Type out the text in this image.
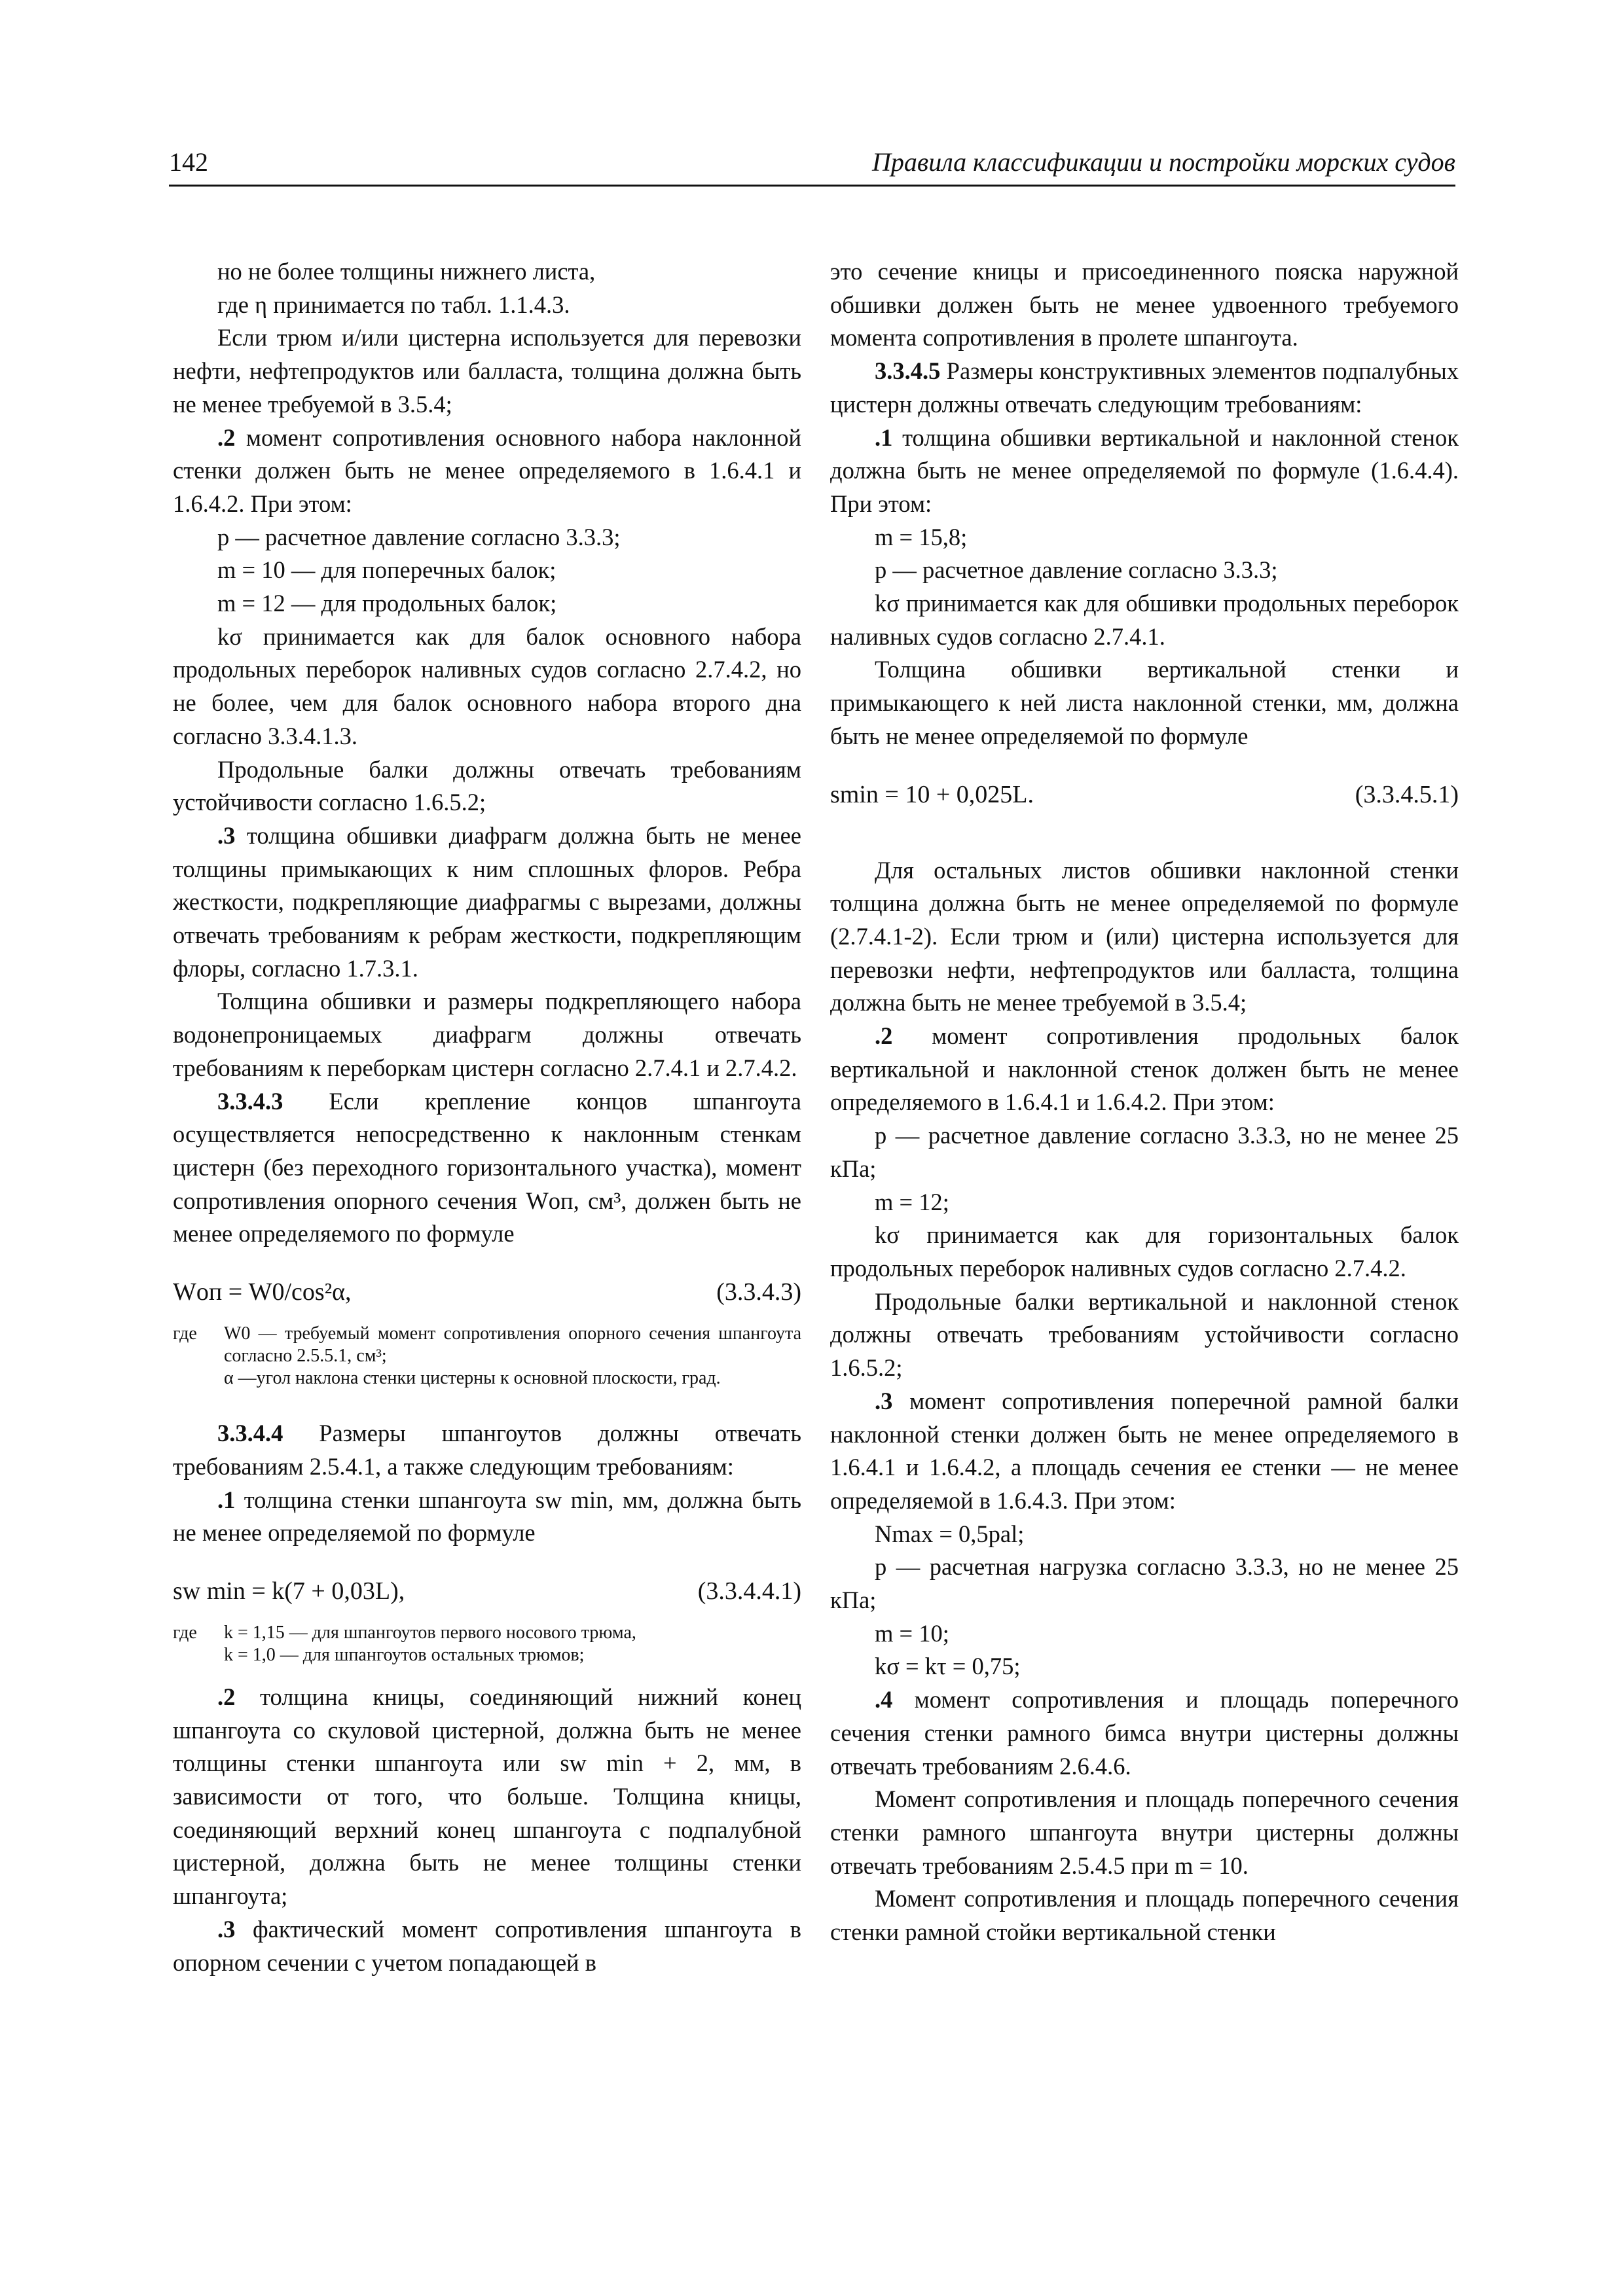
142	Правила классификации и постройки морских судов

но не более толщины нижнего листа,

где η принимается по табл. 1.1.4.3.

Если трюм и/или цистерна используется для перевозки нефти, нефтепродуктов или балласта, толщина должна быть не менее требуемой в 3.5.4;

.2 момент сопротивления основного набора наклонной стенки должен быть не менее определяемого в 1.6.4.1 и 1.6.4.2. При этом:

p — расчетное давление согласно 3.3.3;

m = 10 — для поперечных балок;

m = 12 — для продольных балок;

kσ принимается как для балок основного набора продольных переборок наливных судов согласно 2.7.4.2, но не более, чем для балок основного набора второго дна согласно 3.3.4.1.3.

Продольные балки должны отвечать требованиям устойчивости согласно 1.6.5.2;

.3 толщина обшивки диафрагм должна быть не менее толщины примыкающих к ним сплошных флоров. Ребра жесткости, подкрепляющие диафрагмы с вырезами, должны отвечать требованиям к ребрам жесткости, подкрепляющим флоры, согласно 1.7.3.1.

Толщина обшивки и размеры подкрепляющего набора водонепроницаемых диафрагм должны отвечать требованиям к переборкам цистерн согласно 2.7.4.1 и 2.7.4.2.

3.3.4.3 Если крепление концов шпангоута осуществляется непосредственно к наклонным стенкам цистерн (без переходного горизонтального участка), момент сопротивления опорного сечения Wоп, см³, должен быть не менее определяемого по формуле

Wоп = W0/cos²α,	(3.3.4.3)
где W0 — требуемый момент сопротивления опорного сечения шпангоута согласно 2.5.5.1, см³;
α —угол наклона стенки цистерны к основной плоскости, град.

3.3.4.4 Размеры шпангоутов должны отвечать требованиям 2.5.4.1, а также следующим требованиям:

.1 толщина стенки шпангоута sw min, мм, должна быть не менее определяемой по формуле

sw min = k(7 + 0,03L),	(3.3.4.4.1)
где k = 1,15 — для шпангоутов первого носового трюма,
k = 1,0 — для шпангоутов остальных трюмов;

.2 толщина кницы, соединяющий нижний конец шпангоута со скуловой цистерной, должна быть не менее толщины стенки шпангоута или sw min + 2, мм, в зависимости от того, что больше. Толщина кницы, соединяющий верхний конец шпангоута с подпалубной цистерной, должна быть не менее толщины стенки шпангоута;

.3 фактический момент сопротивления шпангоута в опорном сечении с учетом попадающей в

это сечение кницы и присоединенного пояска наружной обшивки должен быть не менее удвоенного требуемого момента сопротивления в пролете шпангоута.

3.3.4.5 Размеры конструктивных элементов подпалубных цистерн должны отвечать следующим требованиям:

.1 толщина обшивки вертикальной и наклонной стенок должна быть не менее определяемой по формуле (1.6.4.4). При этом:

m = 15,8;

p — расчетное давление согласно 3.3.3;

kσ принимается как для обшивки продольных переборок наливных судов согласно 2.7.4.1.

Толщина обшивки вертикальной стенки и примыкающего к ней листа наклонной стенки, мм, должна быть не менее определяемой по формуле

smin = 10 + 0,025L.	(3.3.4.5.1)

Для остальных листов обшивки наклонной стенки толщина должна быть не менее определяемой по формуле (2.7.4.1-2). Если трюм и (или) цистерна используется для перевозки нефти, нефтепродуктов или балласта, толщина должна быть не менее требуемой в 3.5.4;

.2 момент сопротивления продольных балок вертикальной и наклонной стенок должен быть не менее определяемого в 1.6.4.1 и 1.6.4.2. При этом:

p — расчетное давление согласно 3.3.3, но не менее 25 кПа;

m = 12;

kσ принимается как для горизонтальных балок продольных переборок наливных судов согласно 2.7.4.2.

Продольные балки вертикальной и наклонной стенок должны отвечать требованиям устойчивости согласно 1.6.5.2;

.3 момент сопротивления поперечной рамной балки наклонной стенки должен быть не менее определяемого в 1.6.4.1 и 1.6.4.2, а площадь сечения ее стенки — не менее определяемой в 1.6.4.3. При этом:

Nmax = 0,5pal;

p — расчетная нагрузка согласно 3.3.3, но не менее 25 кПа;

m = 10;

kσ = kτ = 0,75;

.4 момент сопротивления и площадь поперечного сечения стенки рамного бимса внутри цистерны должны отвечать требованиям 2.6.4.6.

Момент сопротивления и площадь поперечного сечения стенки рамного шпангоута внутри цистерны должны отвечать требованиям 2.5.4.5 при m = 10.

Момент сопротивления и площадь поперечного сечения стенки рамной стойки вертикальной стенки
